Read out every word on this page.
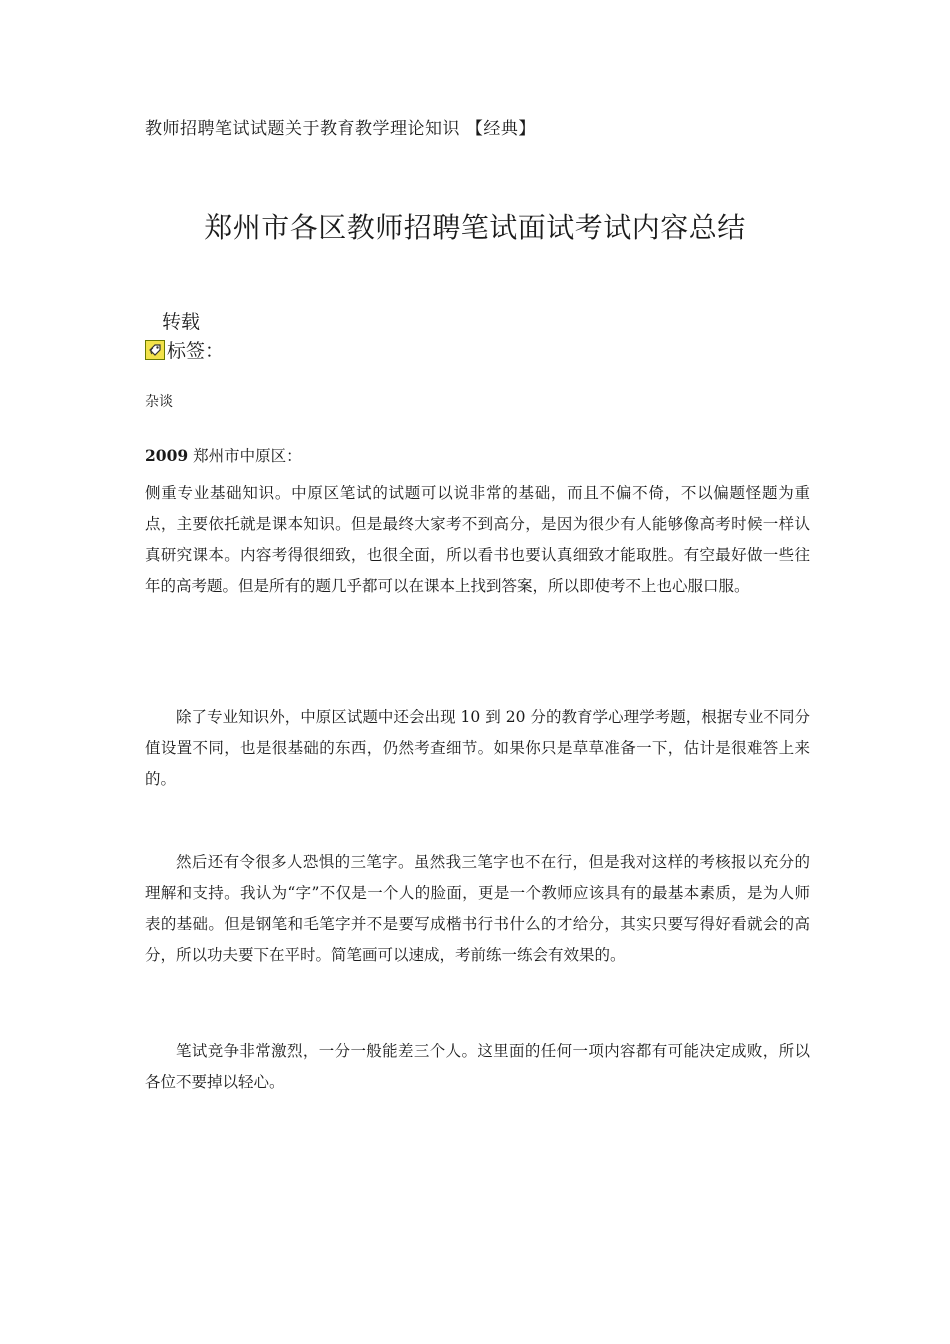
教师招聘笔试试题关于教育教学理论知识 【经典】
郑州市各区教师招聘笔试面试考试内容总结
转载
标签：
杂谈
2009 郑州市中原区：
侧重专业基础知识。中原区笔试的试题可以说非常的基础，而且不偏不倚，不以偏题怪题为重点，主要依托就是课本知识。但是最终大家考不到高分，是因为很少有人能够像高考时候一样认真研究课本。内容考得很细致，也很全面，所以看书也要认真细致才能取胜。有空最好做一些往年的高考题。但是所有的题几乎都可以在课本上找到答案，所以即使考不上也心服口服。
除了专业知识外，中原区试题中还会出现 10 到 20 分的教育学心理学考题，根据专业不同分值设置不同，也是很基础的东西，仍然考查细节。如果你只是草草准备一下，估计是很难答上来的。
然后还有令很多人恐惧的三笔字。虽然我三笔字也不在行，但是我对这样的考核报以充分的理解和支持。我认为“字”不仅是一个人的脸面，更是一个教师应该具有的最基本素质，是为人师表的基础。但是钢笔和毛笔字并不是要写成楷书行书什么的才给分，其实只要写得好看就会的高分，所以功夫要下在平时。简笔画可以速成，考前练一练会有效果的。
笔试竞争非常激烈，一分一般能差三个人。这里面的任何一项内容都有可能决定成败，所以各位不要掉以轻心。
